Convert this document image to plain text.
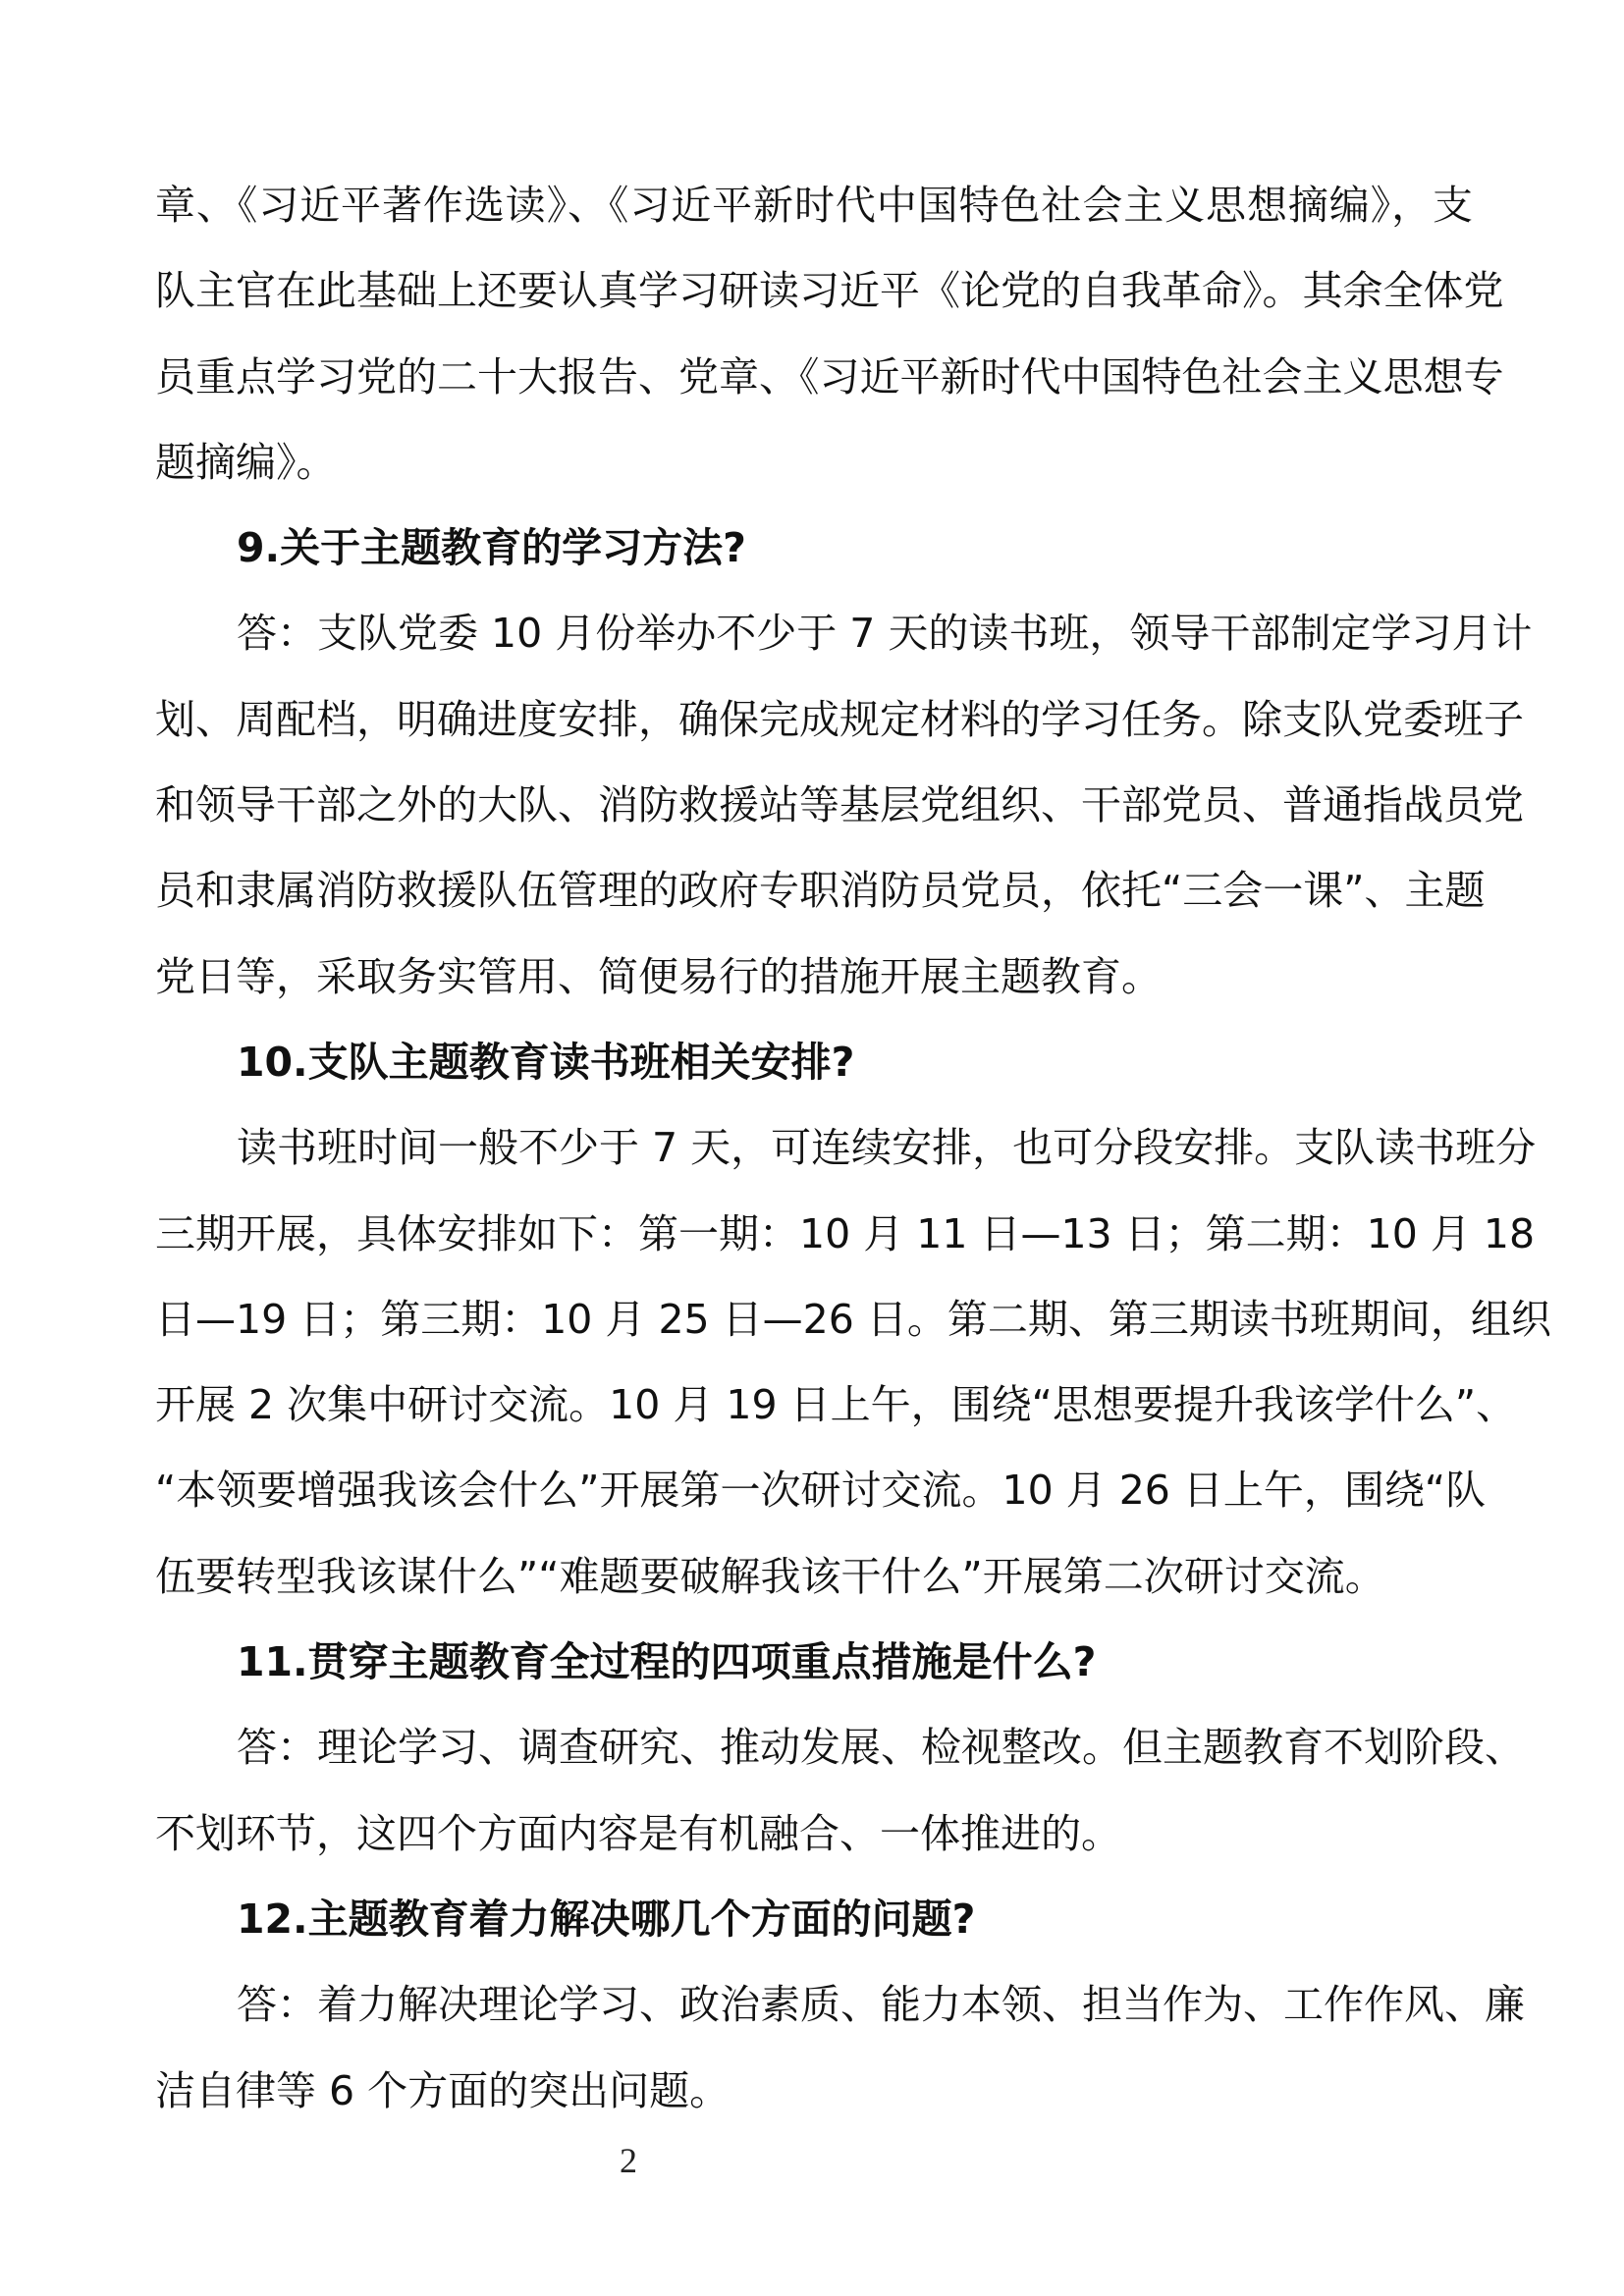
章、《习近平著作选读》、《习近平新时代中国特色社会主义思想摘编》，支
队主官在此基础上还要认真学习研读习近平《论党的自我革命》。其余全体党
员重点学习党的二十大报告、党章、《习近平新时代中国特色社会主义思想专
题摘编》。
9.关于主题教育的学习方法?
答：支队党委 10 月份举办不少于 7 天的读书班，领导干部制定学习月计
划、周配档，明确进度安排，确保完成规定材料的学习任务。除支队党委班子
和领导干部之外的大队、消防救援站等基层党组织、干部党员、普通指战员党
员和隶属消防救援队伍管理的政府专职消防员党员，依托“三会一课”、主题
党日等，采取务实管用、简便易行的措施开展主题教育。
10.支队主题教育读书班相关安排?
读书班时间一般不少于 7 天，可连续安排，也可分段安排。支队读书班分
三期开展，具体安排如下：第一期：10 月 11 日—13 日；第二期：10 月 18
日—19 日；第三期：10 月 25 日—26 日。第二期、第三期读书班期间，组织
开展 2 次集中研讨交流。10 月 19 日上午，围绕“思想要提升我该学什么”、
“本领要增强我该会什么”开展第一次研讨交流。10 月 26 日上午，围绕“队
伍要转型我该谋什么”“难题要破解我该干什么”开展第二次研讨交流。
11.贯穿主题教育全过程的四项重点措施是什么?
答：理论学习、调查研究、推动发展、检视整改。但主题教育不划阶段、
不划环节，这四个方面内容是有机融合、一体推进的。
12.主题教育着力解决哪几个方面的问题?
答：着力解决理论学习、政治素质、能力本领、担当作为、工作作风、廉
洁自律等 6 个方面的突出问题。
2
